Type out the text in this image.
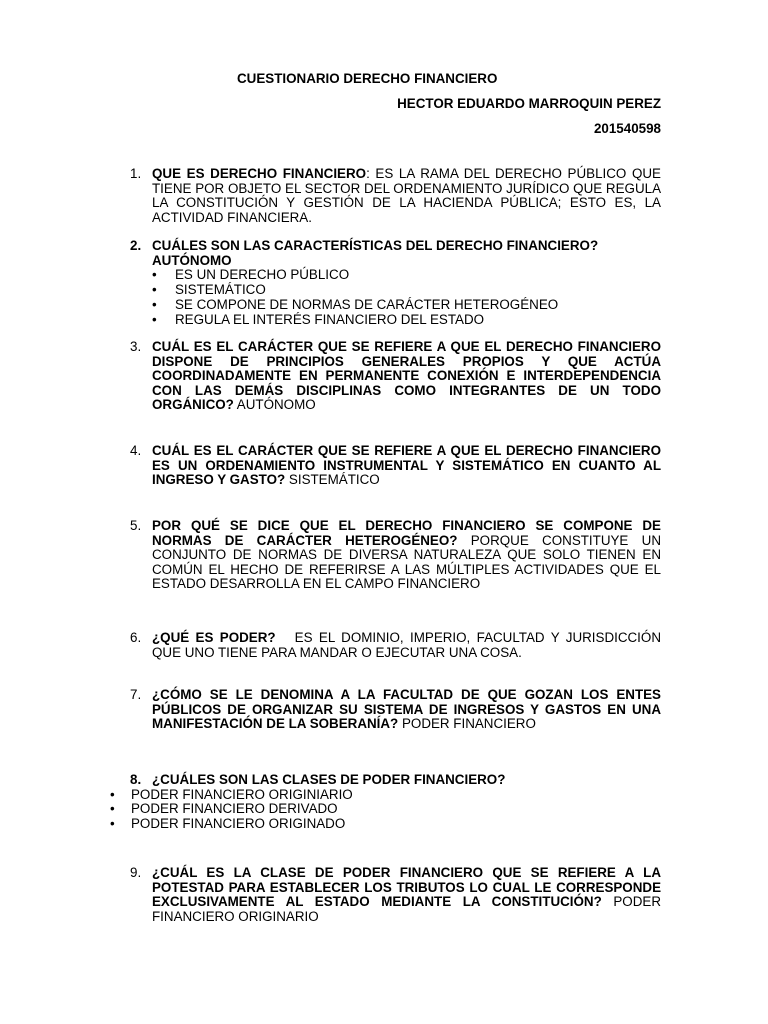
CUESTIONARIO DERECHO FINANCIERO
HECTOR EDUARDO MARROQUIN PEREZ
201540598
1. QUE ES DERECHO FINANCIERO: ES LA RAMA DEL DERECHO PÚBLICO QUE TIENE POR OBJETO EL SECTOR DEL ORDENAMIENTO JURÍDICO QUE REGULA LA CONSTITUCIÓN Y GESTIÓN DE LA HACIENDA PÚBLICA; ESTO ES, LA ACTIVIDAD FINANCIERA.
2. CUÁLES SON LAS CARACTERÍSTICAS DEL DERECHO FINANCIERO?
AUTÓNOMO
• ES UN DERECHO PÚBLICO
• SISTEMÁTICO
• SE COMPONE DE NORMAS DE CARÁCTER HETEROGÉNEO
• REGULA EL INTERÉS FINANCIERO DEL ESTADO
3. CUÁL ES EL CARÁCTER QUE SE REFIERE A QUE EL DERECHO FINANCIERO DISPONE DE PRINCIPIOS GENERALES PROPIOS Y QUE ACTÚA COORDINADAMENTE EN PERMANENTE CONEXIÓN E INTERDEPENDENCIA CON LAS DEMÁS DISCIPLINAS COMO INTEGRANTES DE UN TODO ORGÁNICO? AUTÓNOMO
4. CUÁL ES EL CARÁCTER QUE SE REFIERE A QUE EL DERECHO FINANCIERO ES UN ORDENAMIENTO INSTRUMENTAL Y SISTEMÁTICO EN CUANTO AL INGRESO Y GASTO? SISTEMÁTICO
5. POR QUÉ SE DICE QUE EL DERECHO FINANCIERO SE COMPONE DE NORMAS DE CARÁCTER HETEROGÉNEO? PORQUE CONSTITUYE UN CONJUNTO DE NORMAS DE DIVERSA NATURALEZA QUE SOLO TIENEN EN COMÚN EL HECHO DE REFERIRSE A LAS MÚLTIPLES ACTIVIDADES QUE EL ESTADO DESARROLLA EN EL CAMPO FINANCIERO
6. ¿QUÉ ES PODER?   ES EL DOMINIO, IMPERIO, FACULTAD Y JURISDICCIÓN QUE UNO TIENE PARA MANDAR O EJECUTAR UNA COSA.
7. ¿CÓMO SE LE DENOMINA A LA FACULTAD DE QUE GOZAN LOS ENTES PÚBLICOS DE ORGANIZAR SU SISTEMA DE INGRESOS Y GASTOS EN UNA MANIFESTACIÓN DE LA SOBERANÍA? PODER FINANCIERO
8. ¿CUÁLES SON LAS CLASES DE PODER FINANCIERO?
• PODER FINANCIERO ORIGINIARIO
• PODER FINANCIERO DERIVADO
• PODER FINANCIERO ORIGINADO
9. ¿CUÁL ES LA CLASE DE PODER FINANCIERO QUE SE REFIERE A LA POTESTAD PARA ESTABLECER LOS TRIBUTOS LO CUAL LE CORRESPONDE EXCLUSIVAMENTE AL ESTADO MEDIANTE LA CONSTITUCIÓN? PODER FINANCIERO ORIGINARIO
